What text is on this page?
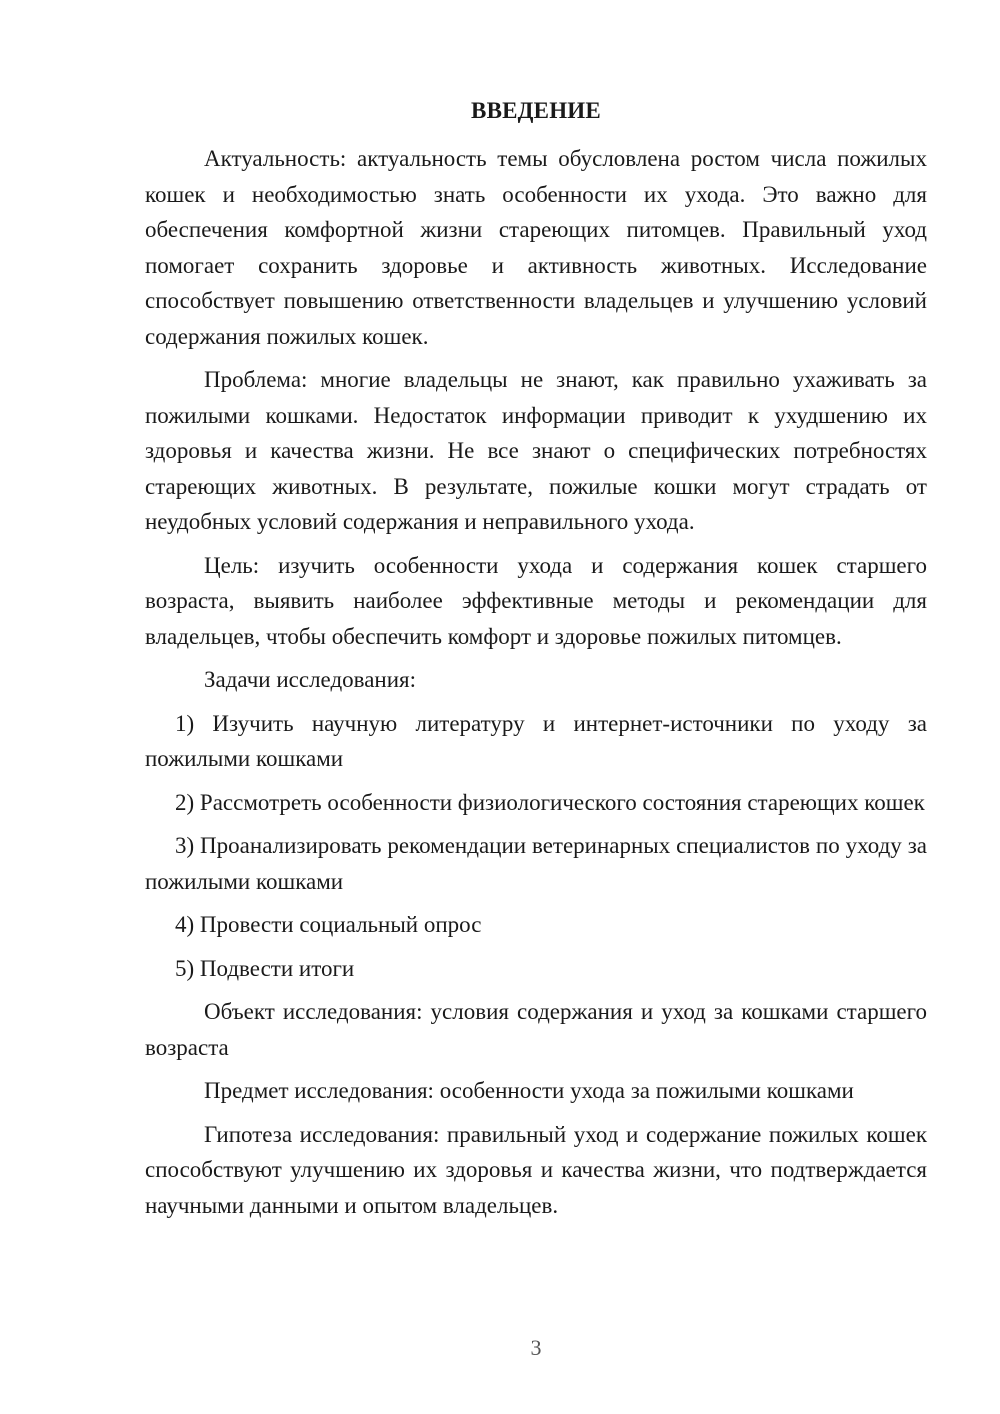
ВВЕДЕНИЕ

Актуальность: актуальность темы обусловлена ростом числа пожилых кошек и необходимостью знать особенности их ухода. Это важно для обеспечения комфортной жизни стареющих питомцев. Правильный уход помогает сохранить здоровье и активность животных. Исследование способствует повышению ответственности владельцев и улучшению условий содержания пожилых кошек.

Проблема: многие владельцы не знают, как правильно ухаживать за пожилыми кошками. Недостаток информации приводит к ухудшению их здоровья и качества жизни. Не все знают о специфических потребностях стареющих животных. В результате, пожилые кошки могут страдать от неудобных условий содержания и неправильного ухода.

Цель: изучить особенности ухода и содержания кошек старшего возраста, выявить наиболее эффективные методы и рекомендации для владельцев, чтобы обеспечить комфорт и здоровье пожилых питомцев.

Задачи исследования:

1) Изучить научную литературу и интернет-источники по уходу за пожилыми кошками

2) Рассмотреть особенности физиологического состояния стареющих кошек

3) Проанализировать рекомендации ветеринарных специалистов по уходу за пожилыми кошками

4) Провести социальный опрос

5) Подвести итоги

Объект исследования: условия содержания и уход за кошками старшего возраста

Предмет исследования: особенности ухода за пожилыми кошками

Гипотеза исследования: правильный уход и содержание пожилых кошек способствуют улучшению их здоровья и качества жизни, что подтверждается научными данными и опытом владельцев.

3
